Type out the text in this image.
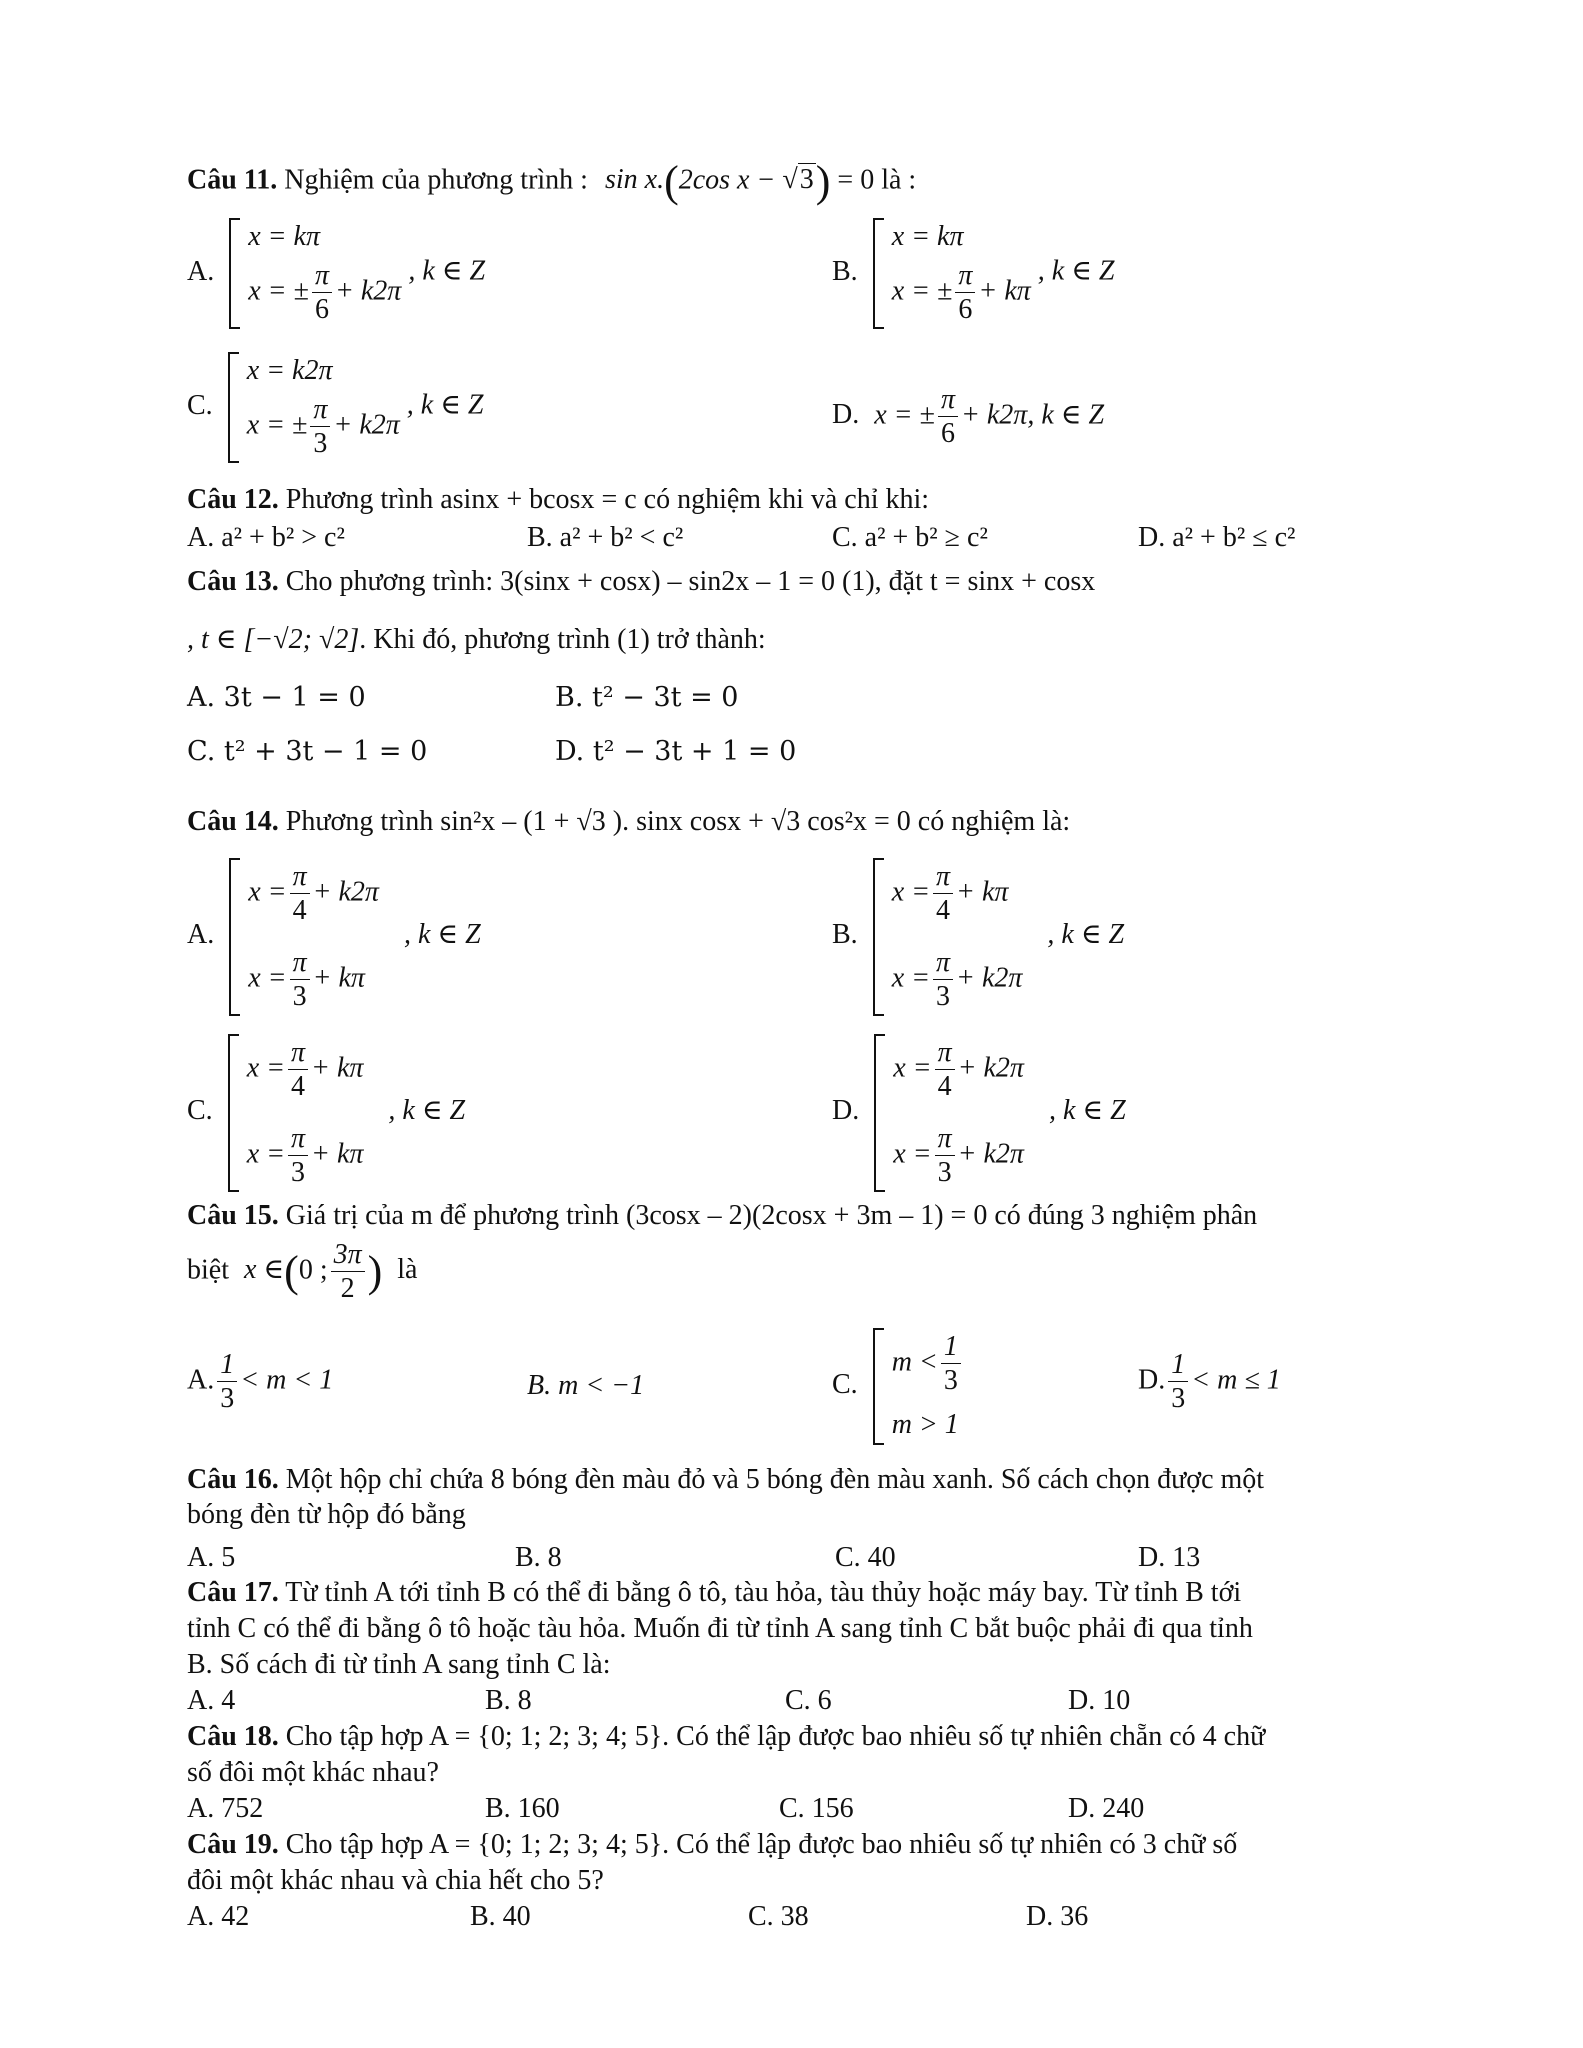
Câu 11. Nghiệm của phương trình : sin x.(2cos x − √3) = 0 là :
A.
x = kπ
x = ± $\frac{\pi}{6} + k2\pi$
, k ∈ Z	B.
x = kπ
x = ± $\frac{\pi}{6} + k\pi$
, k ∈ Z
C.
x = k2π
x = ± $\frac{\pi}{3} + k2\pi$
, k ∈ Z	D. x = ± $\frac{\pi}{6} + k2\pi$, k ∈ Z
Câu 12. Phương trình asinx + bcosx = c có nghiệm khi và chỉ khi:
A. a² + b² > c²	B. a² + b² < c²	C. a² + b² ≥ c²	D. a² + b² ≤ c²
Câu 13. Cho phương trình: 3(sinx + cosx) – sin2x – 1 = 0 (1), đặt t = sinx + cosx
, t ∈ [−√2; √2]. Khi đó, phương trình (1) trở thành:
A. 3t − 1 = 0	B. t² − 3t = 0
C. t² + 3t − 1 = 0	D. t² − 3t + 1 = 0
Câu 14. Phương trình sin²x – (1 + √3 ). sinx cosx + √3 cos²x = 0 có nghiệm là:
A.
$x = \frac{\pi}{4} + k2\pi$
$x = \frac{\pi}{3} + k\pi$
, k ∈ Z	B.
$x = \frac{\pi}{4} + k\pi$
$x = \frac{\pi}{3} + k2\pi$
, k ∈ Z
C.
$x = \frac{\pi}{4} + k\pi$
$x = \frac{\pi}{3} + k\pi$
, k ∈ Z	D.
$x = \frac{\pi}{4} + k2\pi$
$x = \frac{\pi}{3} + k2\pi$
, k ∈ Z
Câu 15. Giá trị của m để phương trình (3cosx – 2)(2cosx + 3m – 1) = 0 có đúng 3 nghiệm phân
biệt x ∈(0 ; $\frac{3\pi}{2}$ ) là
A. $\frac{1}{3} < m < 1$	B. m < −1	C.
$m < \frac{1}{3}$
m > 1
D. $\frac{1}{3} < m \le 1$
Câu 16. Một hộp chỉ chứa 8 bóng đèn màu đỏ và 5 bóng đèn màu xanh. Số cách chọn được một
bóng đèn từ hộp đó bằng
A. 5	B. 8	C. 40	D. 13
Câu 17. Từ tỉnh A tới tỉnh B có thể đi bằng ô tô, tàu hỏa, tàu thủy hoặc máy bay. Từ tỉnh B tới
tỉnh C có thể đi bằng ô tô hoặc tàu hỏa. Muốn đi từ tỉnh A sang tỉnh C bắt buộc phải đi qua tỉnh
B. Số cách đi từ tỉnh A sang tỉnh C là:
A. 4	B. 8	C. 6	D. 10
Câu 18. Cho tập hợp A = {0; 1; 2; 3; 4; 5}. Có thể lập được bao nhiêu số tự nhiên chẵn có 4 chữ
số đôi một khác nhau?
A. 752	B. 160	C. 156	D. 240
Câu 19. Cho tập hợp A = {0; 1; 2; 3; 4; 5}. Có thể lập được bao nhiêu số tự nhiên có 3 chữ số
đôi một khác nhau và chia hết cho 5?
A. 42	B. 40	C. 38	D. 36
